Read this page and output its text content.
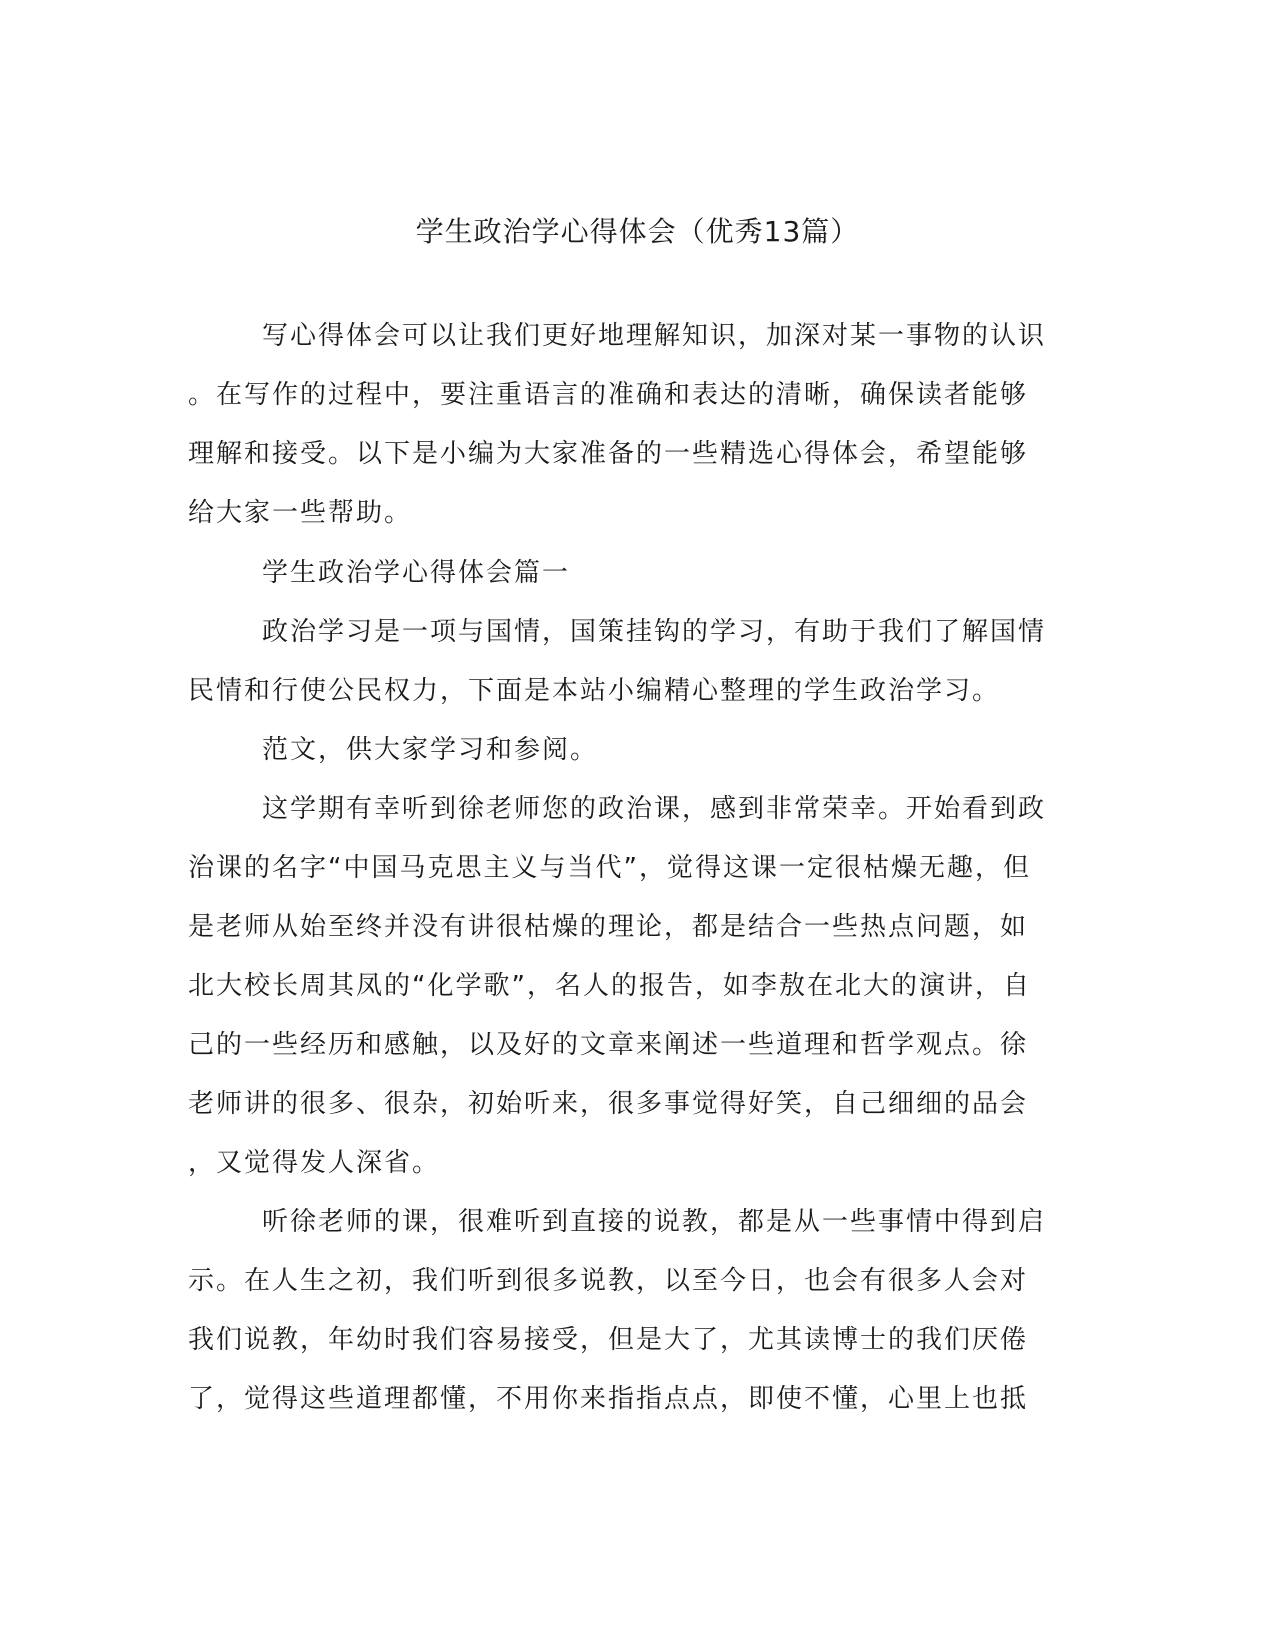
学生政治学心得体会（优秀13篇）
写心得体会可以让我们更好地理解知识，加深对某一事物的认识
。在写作的过程中，要注重语言的准确和表达的清晰，确保读者能够
理解和接受。以下是小编为大家准备的一些精选心得体会，希望能够
给大家一些帮助。
学生政治学心得体会篇一
政治学习是一项与国情，国策挂钩的学习，有助于我们了解国情
民情和行使公民权力，下面是本站小编精心整理的学生政治学习。
范文，供大家学习和参阅。
这学期有幸听到徐老师您的政治课，感到非常荣幸。开始看到政
治课的名字“中国马克思主义与当代”，觉得这课一定很枯燥无趣，但
是老师从始至终并没有讲很枯燥的理论，都是结合一些热点问题，如
北大校长周其凤的“化学歌”，名人的报告，如李敖在北大的演讲，自
己的一些经历和感触，以及好的文章来阐述一些道理和哲学观点。徐
老师讲的很多、很杂，初始听来，很多事觉得好笑，自己细细的品会
，又觉得发人深省。
听徐老师的课，很难听到直接的说教，都是从一些事情中得到启
示。在人生之初，我们听到很多说教，以至今日，也会有很多人会对
我们说教，年幼时我们容易接受，但是大了，尤其读博士的我们厌倦
了，觉得这些道理都懂，不用你来指指点点，即使不懂，心里上也抵
